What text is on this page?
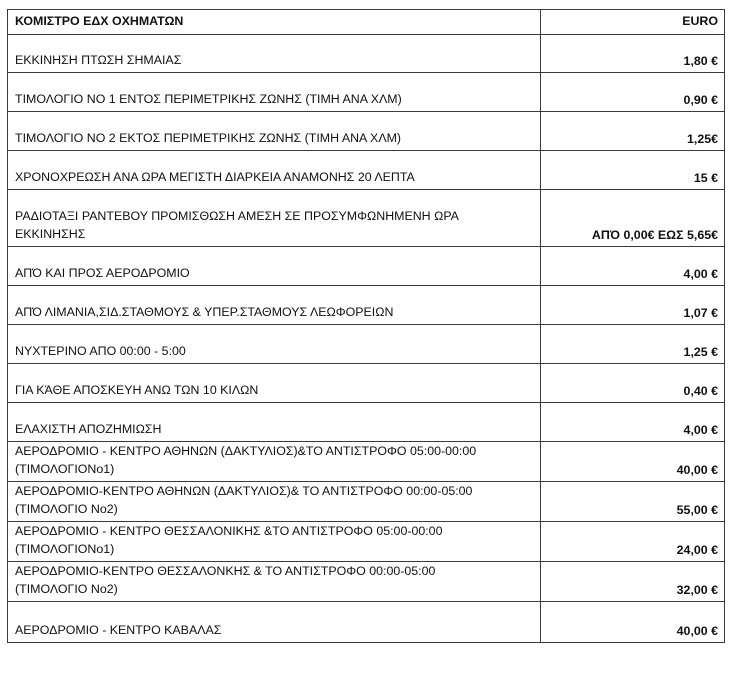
ΚΟΜΙΣΤΡΟ ΕΔΧ ΟΧΗΜΑΤΩΝ	EURO
ΕΚΚΙΝΗΣΗ ΠΤΩΣΗ ΣΗΜΑΙΑΣ	1,80 €
ΤΙΜΟΛΟΓΙΟ ΝΟ 1 ΕΝΤΟΣ ΠΕΡΙΜΕΤΡΙΚΗΣ ΖΩΝΗΣ (ΤΙΜΗ ΑΝΑ ΧΛΜ)	0,90 €
ΤΙΜΟΛΟΓΙΟ ΝΟ 2 ΕΚΤΟΣ ΠΕΡΙΜΕΤΡΙΚΗΣ ΖΩΝΗΣ (ΤΙΜΗ ΑΝΑ ΧΛΜ)	1,25€
ΧΡΟΝΟΧΡΕΩΣΗ ΑΝΑ ΩΡΑ ΜΕΓΙΣΤΗ ΔΙΑΡΚΕΙΑ ΑΝΑΜΟΝΗΣ 20 ΛΕΠΤΑ	15 €

ΡΑΔΙΟΤΑΞΙ ΡΑΝΤΕΒΟΥ ΠΡΟΜΙΣΘΩΣΗ ΑΜΕΣΗ ΣΕ ΠΡΟΣΥΜΦΩΝΗΜΕΝΗ ΩΡΑ
ΕΚΚΙΝΗΣΗΣ	ΑΠΌ 0,00€ ΕΩΣ 5,65€
ΑΠΌ ΚΑΙ ΠΡΟΣ ΑΕΡΟΔΡΟΜΙΟ	4,00 €
ΑΠΌ ΛΙΜΑΝΙΑ,ΣΙΔ.ΣΤΑΘΜΟΥΣ & ΥΠΕΡ.ΣΤΑΘΜΟΥΣ ΛΕΩΦΟΡΕΙΩΝ	1,07 €
ΝΥΧΤΕΡΙΝΟ ΑΠΟ 00:00 - 5:00	1,25 €
ΓΙΑ ΚΆΘΕ ΑΠΟΣΚΕΥΗ ΑΝΩ ΤΩΝ 10 ΚΙΛΩΝ	0,40 €
ΕΛΑΧΙΣΤΗ ΑΠΟΖΗΜΙΩΣΗ	4,00 €

ΑΕΡΟΔΡΟΜΙΟ - ΚΕΝΤΡΟ ΑΘΗΝΩΝ (ΔΑΚΤΥΛΙΟΣ)&ΤΟ ΑΝΤΙΣΤΡΟΦΟ 05:00-00:00
(ΤΙΜΟΛΟΓΙΟΝο1)	40,00 €

ΑΕΡΟΔΡΟΜΙΟ-ΚΕΝΤΡΟ ΑΘΗΝΩΝ (ΔΑΚΤΥΛΙΟΣ)& ΤΟ ΑΝΤΙΣΤΡΟΦΟ 00:00-05:00
(ΤΙΜΟΛΟΓΙΟ Νο2)	55,00 €

ΑΕΡΟΔΡΟΜΙΟ - ΚΕΝΤΡΟ ΘΕΣΣΑΛΟΝΙΚΗΣ &ΤΟ ΑΝΤΙΣΤΡΟΦΟ 05:00-00:00
(ΤΙΜΟΛΟΓΙΟΝο1)	24,00 €

ΑΕΡΟΔΡΟΜΙΟ-ΚΕΝΤΡΟ ΘΕΣΣΑΛΟΝΚΗΣ & ΤΟ ΑΝΤΙΣΤΡΟΦΟ 00:00-05:00
(ΤΙΜΟΛΟΓΙΟ Νο2)	32,00 €
ΑΕΡΟΔΡΟΜΙΟ - ΚΕΝΤΡΟ ΚΑΒΑΛΑΣ	40,00 €
